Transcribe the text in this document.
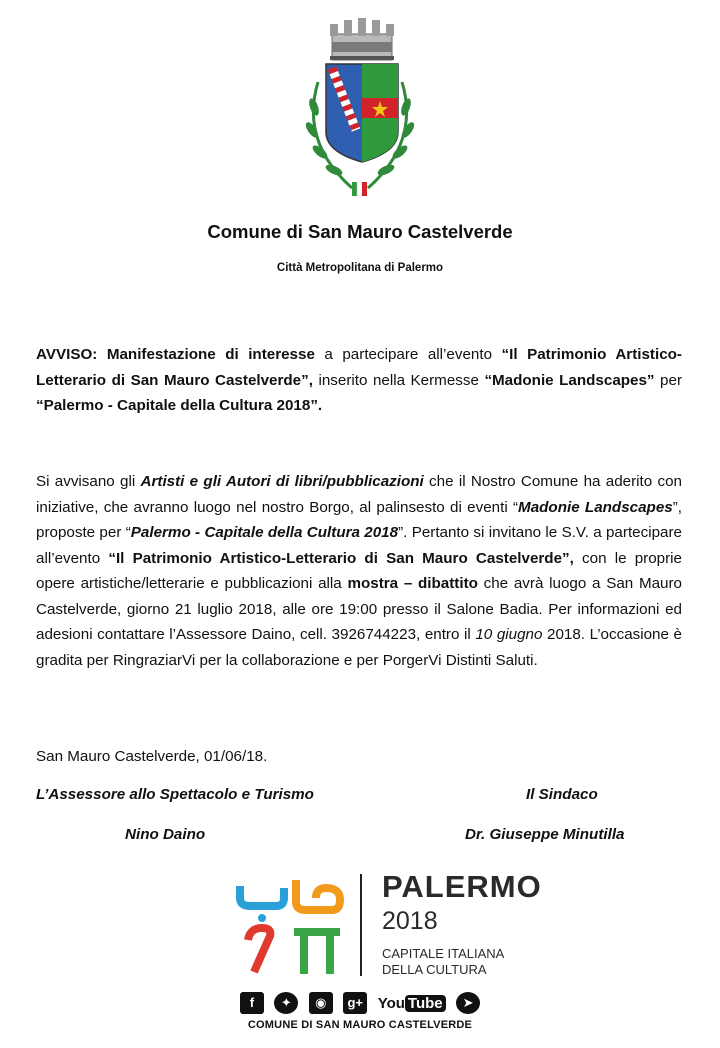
Comune di San Mauro Castelverde
Città Metropolitana di Palermo
AVVISO: Manifestazione di interesse a partecipare all’evento “Il Patrimonio Artistico-Letterario di San Mauro Castelverde”, inserito nella Kermesse “Madonie Landscapes” per “Palermo - Capitale della Cultura 2018”.
Si avvisano gli Artisti e gli Autori di libri/pubblicazioni che il Nostro Comune ha aderito con iniziative, che avranno luogo nel nostro Borgo, al palinsesto di eventi “Madonie Landscapes”, proposte per “Palermo - Capitale della Cultura 2018”. Pertanto si invitano le S.V. a partecipare all’evento “Il Patrimonio Artistico-Letterario di San Mauro Castelverde”, con le proprie opere artistiche/letterarie e pubblicazioni alla mostra – dibattito che avrà luogo a San Mauro Castelverde, giorno 21 luglio 2018, alle ore 19:00 presso il Salone Badia. Per informazioni ed adesioni contattare l’Assessore Daino, cell. 3926744223, entro il 10 giugno 2018. L’occasione è gradita per RingraziarVi per la collaborazione e per PorgerVi Distinti Saluti.
San Mauro Castelverde, 01/06/18.
L’Assessore allo Spettacolo e Turismo	Il Sindaco
Nino Daino	Dr. Giuseppe Minutilla
PALERMO
2018
CAPITALE ITALIANA
DELLA CULTURA
f ✦ ◉ g+ You Tube ➤
COMUNE DI SAN MAURO CASTELVERDE
